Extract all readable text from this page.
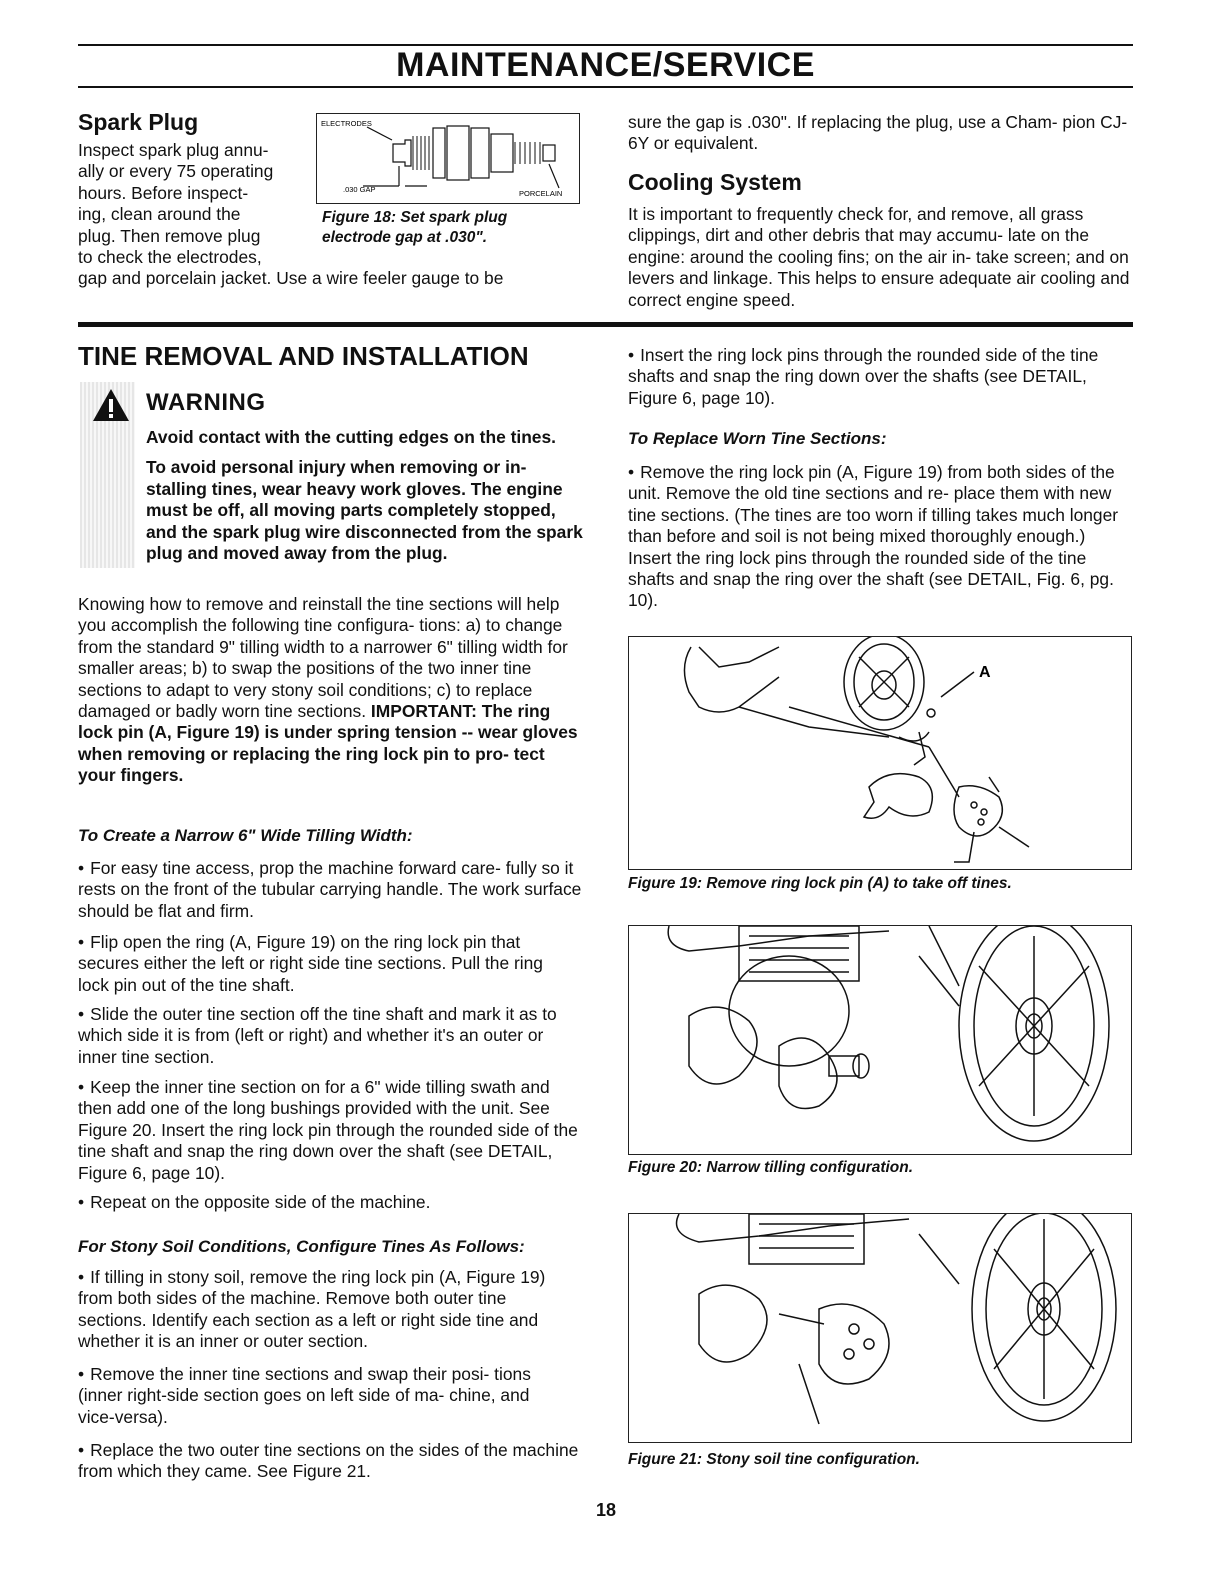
MAINTENANCE/SERVICE
Spark Plug
Inspect spark plug annu-
ally or every 75 operating
hours. Before inspect-
ing, clean around the
plug. Then remove plug
to check the electrodes,
gap and porcelain jacket. Use a wire feeler gauge to be
ELECTRODES
.030 GAP	PORCELAIN
Figure 18: Set spark plug
electrode gap at .030".
sure the gap is .030". If replacing the plug, use a Cham- pion CJ-6Y or equivalent.
Cooling System
It is important to frequently check for, and remove, all grass clippings, dirt and other debris that may accumu- late on the engine: around the cooling fins; on the air in- take screen; and on levers and linkage. This helps to ensure adequate air cooling and correct engine speed.
TINE REMOVAL AND INSTALLATION
WARNING
Avoid contact with the cutting edges on the tines.
To avoid personal injury when removing or in- stalling tines, wear heavy work gloves. The engine must be off, all moving parts completely stopped, and the spark plug wire disconnected from the spark plug and moved away from the plug.
Knowing how to remove and reinstall the tine sections will help you accomplish the following tine configura- tions: a) to change from the standard 9" tilling width to a narrower 6" tilling width for smaller areas; b) to swap the positions of the two inner tine sections to adapt to very stony soil conditions; c) to replace damaged or badly worn tine sections. IMPORTANT: The ring lock pin (A, Figure 19) is under spring tension -- wear gloves when removing or replacing the ring lock pin to pro- tect your fingers.
To Create a Narrow 6" Wide Tilling Width:
• For easy tine access, prop the machine forward care- fully so it rests on the front of the tubular carrying handle. The work surface should be flat and firm.
• Flip open the ring (A, Figure 19) on the ring lock pin that secures either the left or right side tine sections. Pull the ring lock pin out of the tine shaft.
• Slide the outer tine section off the tine shaft and mark it as to which side it is from (left or right) and whether it's an outer or inner tine section.
• Keep the inner tine section on for a 6" wide tilling swath and then add one of the long bushings provided with the unit. See Figure 20. Insert the ring lock pin through the rounded side of the tine shaft and snap the ring down over the shaft (see DETAIL, Figure 6, page 10).
• Repeat on the opposite side of the machine.
For Stony Soil Conditions, Configure Tines As Follows:
• If tilling in stony soil, remove the ring lock pin (A, Figure 19) from both sides of the machine. Remove both outer tine sections. Identify each section as a left or right side tine and whether it is an inner or outer section.
• Remove the inner tine sections and swap their posi- tions (inner right-side section goes on left side of ma- chine, and vice-versa).
• Replace the two outer tine sections on the sides of the machine from which they came. See Figure 21.
• Insert the ring lock pins through the rounded side of the tine shafts and snap the ring down over the shafts (see DETAIL, Figure 6, page 10).
To Replace Worn Tine Sections:
• Remove the ring lock pin (A, Figure 19) from both sides of the unit. Remove the old tine sections and re- place them with new tine sections. (The tines are too worn if tilling takes much longer than before and soil is not being mixed thoroughly enough.) Insert the ring lock pins through the rounded side of the tine shafts and snap the ring over the shaft (see DETAIL, Fig. 6, pg. 10).
A
Figure 19: Remove ring lock pin (A) to take off tines.
Figure 20: Narrow tilling configuration.
Figure 21: Stony soil tine configuration.
18
